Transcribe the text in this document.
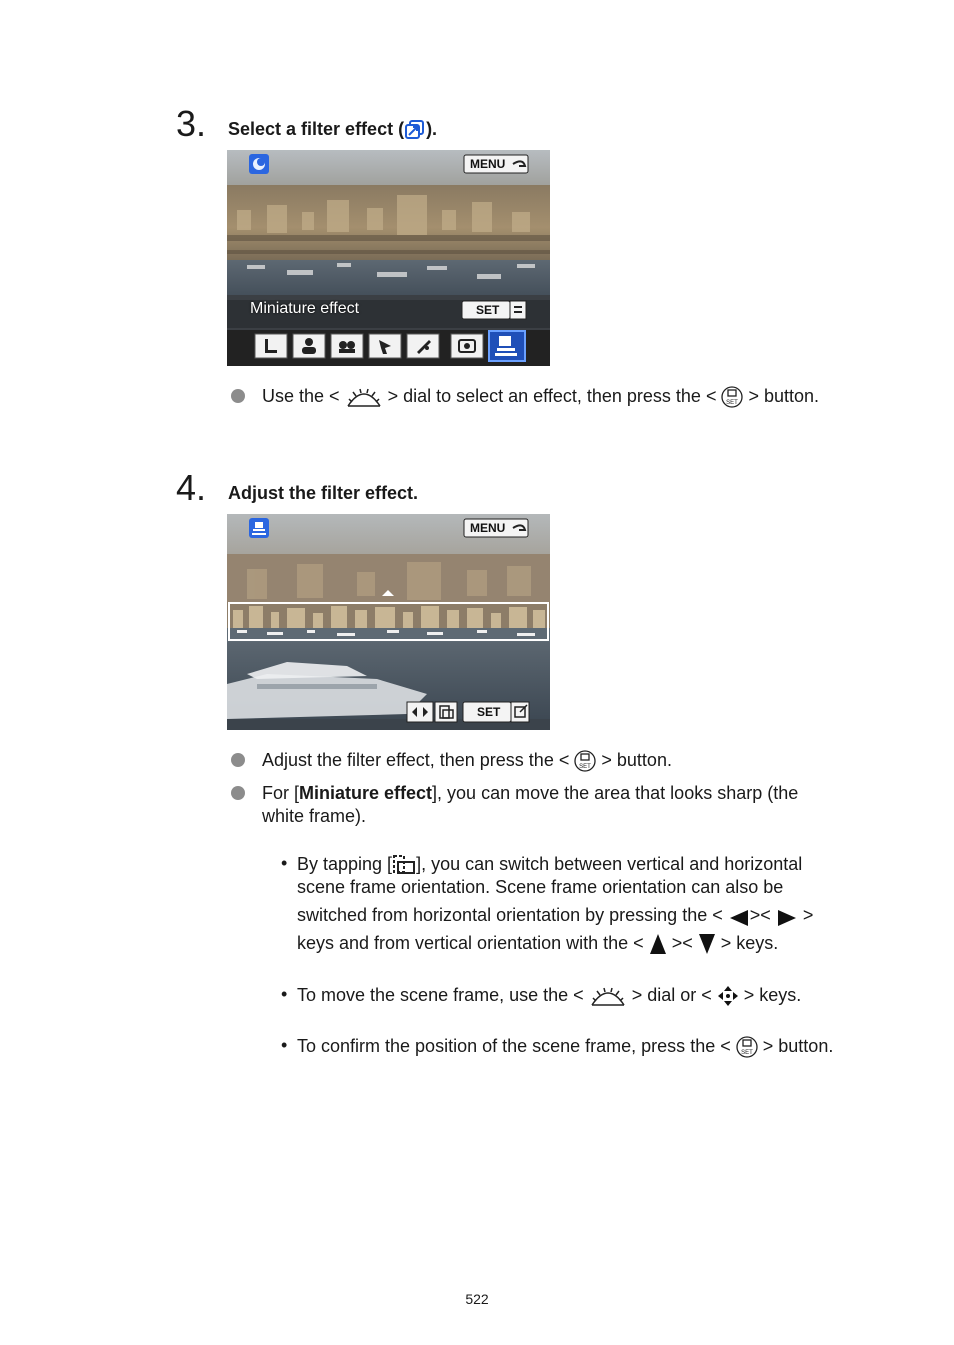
3. Select a filter effect ( ).
MENU
Miniature effect	SET
Use the <	> dial to select an effect, then press the < SET > button.
4. Adjust the filter effect.
MENU
SET
Adjust the filter effect, then press the < SET > button.
For [Miniature effect], you can move the area that looks sharp (the
white frame).
• By tapping [ ], you can switch between vertical and horizontal
scene frame orientation. Scene frame orientation can also be
switched from horizontal orientation by pressing the < >< >
keys and from vertical orientation with the < >< > keys.
• To move the scene frame, use the <	> dial or < > keys.
• To confirm the position of the scene frame, press the < SET > button.
522
